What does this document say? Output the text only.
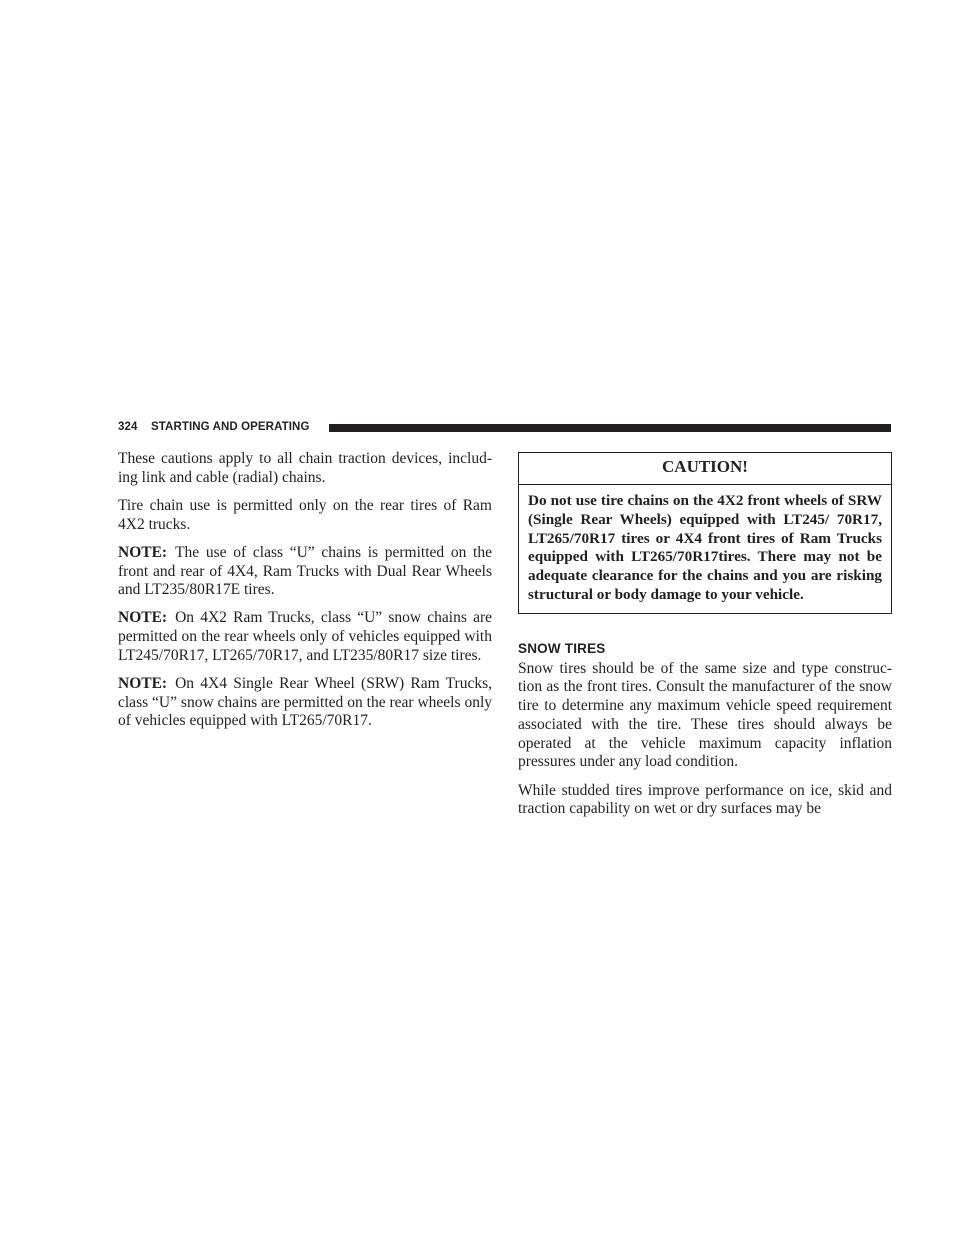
324 STARTING AND OPERATING

These cautions apply to all chain traction devices, includ-ing link and cable (radial) chains.

Tire chain use is permitted only on the rear tires of Ram 4X2 trucks.

NOTE: The use of class “U” chains is permitted on the front and rear of 4X4, Ram Trucks with Dual Rear Wheels and LT235/80R17E tires.

NOTE: On 4X2 Ram Trucks, class “U” snow chains are permitted on the rear wheels only of vehicles equipped with LT245/70R17, LT265/70R17, and LT235/80R17 size tires.

NOTE: On 4X4 Single Rear Wheel (SRW) Ram Trucks, class “U” snow chains are permitted on the rear wheels only of vehicles equipped with LT265/70R17.

CAUTION!
Do not use tire chains on the 4X2 front wheels of SRW (Single Rear Wheels) equipped with LT245/ 70R17, LT265/70R17 tires or 4X4 front tires of Ram Trucks equipped with LT265/70R17tires. There may not be adequate clearance for the chains and you are risking structural or body damage to your vehicle.
SNOW TIRES

Snow tires should be of the same size and type construc-tion as the front tires. Consult the manufacturer of the snow tire to determine any maximum vehicle speed requirement associated with the tire. These tires should always be operated at the vehicle maximum capacity inflation pressures under any load condition.

While studded tires improve performance on ice, skid and traction capability on wet or dry surfaces may be
